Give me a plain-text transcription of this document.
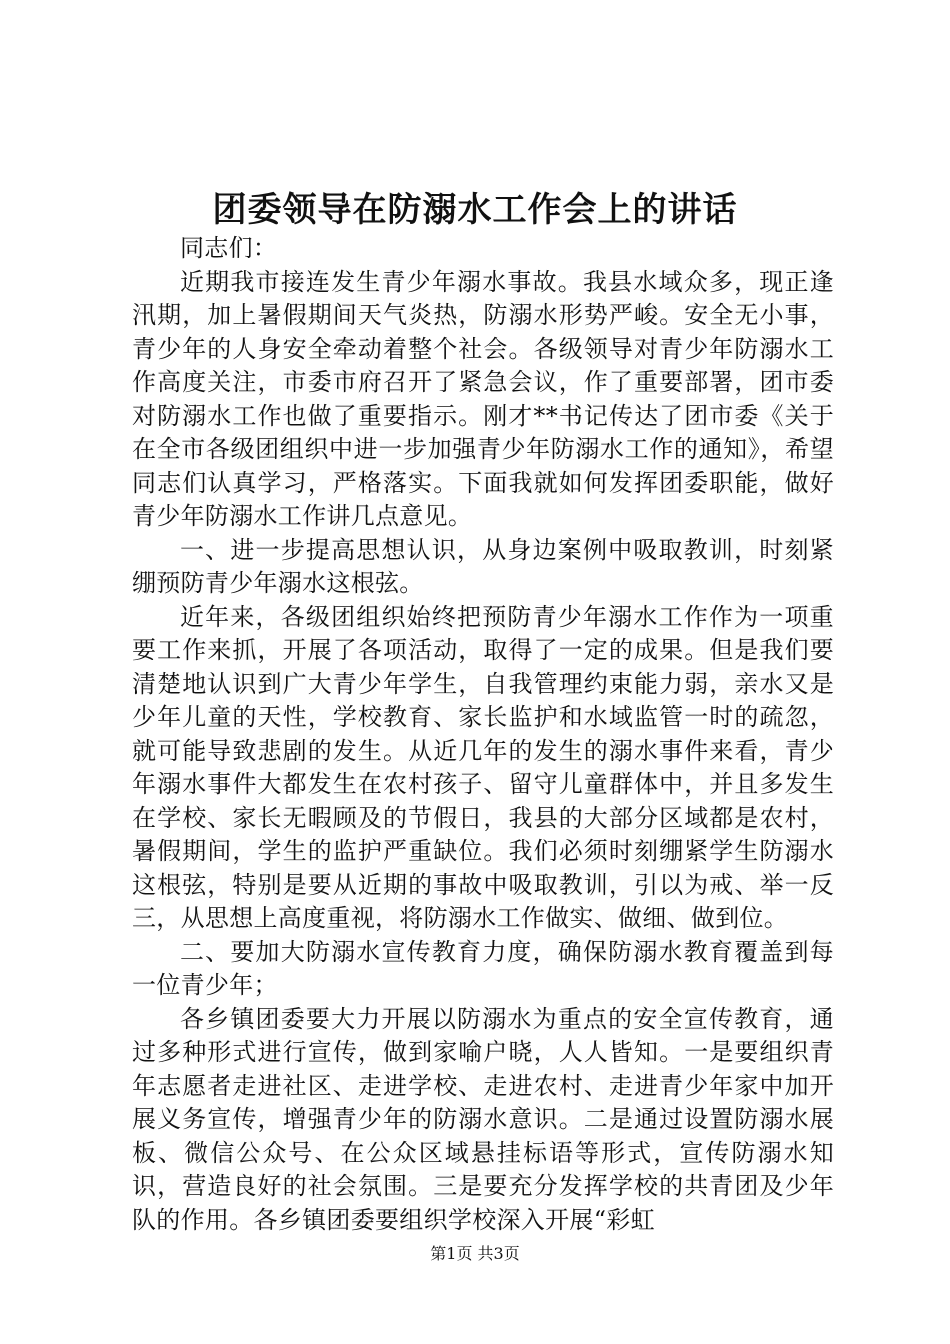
团委领导在防溺水工作会上的讲话

同志们：

近期我市接连发生青少年溺水事故。我县水域众多，现正逢汛期，加上暑假期间天气炎热，防溺水形势严峻。安全无小事，青少年的人身安全牵动着整个社会。各级领导对青少年防溺水工作高度关注，市委市府召开了紧急会议，作了重要部署，团市委对防溺水工作也做了重要指示。刚才**书记传达了团市委《关于在全市各级团组织中进一步加强青少年防溺水工作的通知》，希望同志们认真学习，严格落实。下面我就如何发挥团委职能，做好青少年防溺水工作讲几点意见。

一、进一步提高思想认识，从身边案例中吸取教训，时刻紧绷预防青少年溺水这根弦。

近年来，各级团组织始终把预防青少年溺水工作作为一项重要工作来抓，开展了各项活动，取得了一定的成果。但是我们要清楚地认识到广大青少年学生，自我管理约束能力弱，亲水又是少年儿童的天性，学校教育、家长监护和水域监管一时的疏忽，就可能导致悲剧的发生。从近几年的发生的溺水事件来看，青少年溺水事件大都发生在农村孩子、留守儿童群体中，并且多发生在学校、家长无暇顾及的节假日，我县的大部分区域都是农村，暑假期间，学生的监护严重缺位。我们必须时刻绷紧学生防溺水这根弦，特别是要从近期的事故中吸取教训，引以为戒、举一反三，从思想上高度重视，将防溺水工作做实、做细、做到位。

二、要加大防溺水宣传教育力度，确保防溺水教育覆盖到每一位青少年；

各乡镇团委要大力开展以防溺水为重点的安全宣传教育，通过多种形式进行宣传，做到家喻户晓，人人皆知。一是要组织青年志愿者走进社区、走进学校、走进农村、走进青少年家中加开展义务宣传，增强青少年的防溺水意识。二是通过设置防溺水展板、微信公众号、在公众区域悬挂标语等形式，宣传防溺水知识，营造良好的社会氛围。三是要充分发挥学校的共青团及少年队的作用。各乡镇团委要组织学校深入开展“彩虹

第1页 共3页
